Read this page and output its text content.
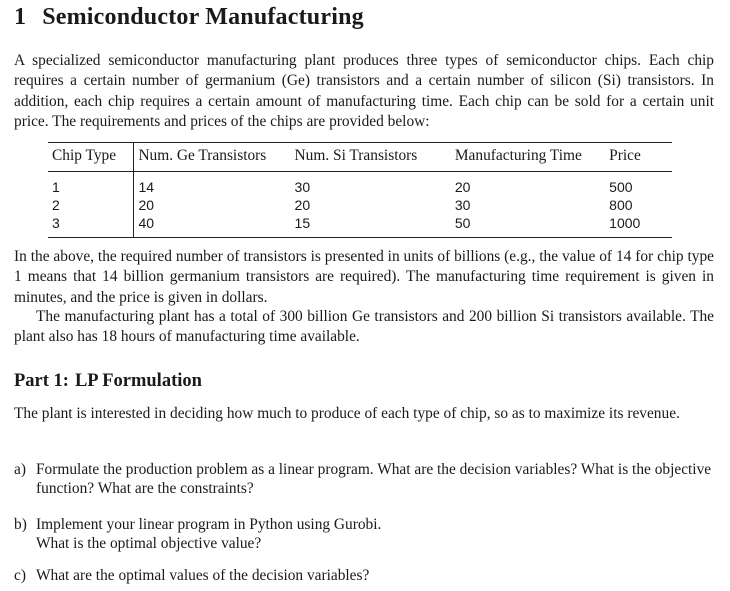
1 Semiconductor Manufacturing
A specialized semiconductor manufacturing plant produces three types of semiconductor chips. Each chip requires a certain number of germanium (Ge) transistors and a certain number of silicon (Si) transistors. In addition, each chip requires a certain amount of manufacturing time. Each chip can be sold for a certain unit price. The requirements and prices of the chips are provided below:
Chip Type	Num. Ge Transistors	Num. Si Transistors	Manufacturing Time	Price
1	14	30	20	500
2	20	20	30	800
3	40	15	50	1000
In the above, the required number of transistors is presented in units of billions (e.g., the value of 14 for chip type 1 means that 14 billion germanium transistors are required). The manufacturing time requirement is given in minutes, and the price is given in dollars.
The manufacturing plant has a total of 300 billion Ge transistors and 200 billion Si transistors available. The plant also has 18 hours of manufacturing time available.
Part 1: LP Formulation
The plant is interested in deciding how much to produce of each type of chip, so as to maximize its revenue.
a) Formulate the production problem as a linear program. What are the decision variables? What is the objective function? What are the constraints?
b) Implement your linear program in Python using Gurobi.
What is the optimal objective value?
c) What are the optimal values of the decision variables?
